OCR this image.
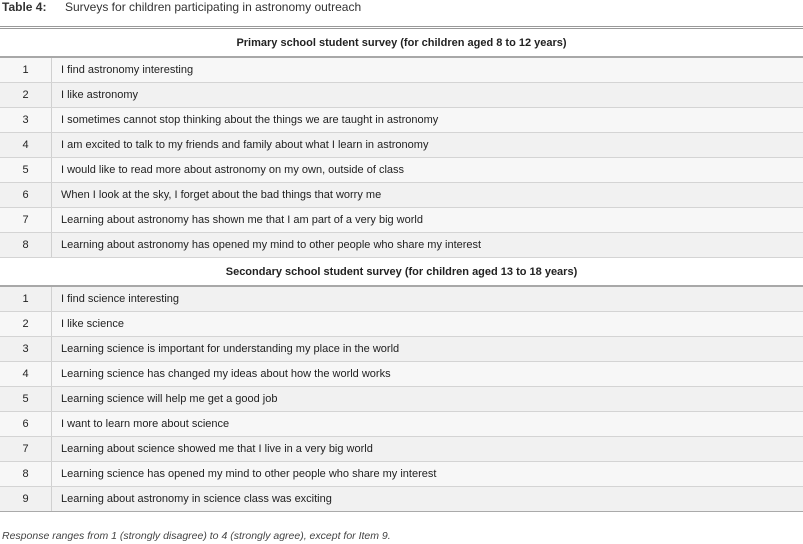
Table 4: Surveys for children participating in astronomy outreach
Primary school student survey (for children aged 8 to 12 years)	
1	I find astronomy interesting
2	I like astronomy
3	I sometimes cannot stop thinking about the things we are taught in astronomy
4	I am excited to talk to my friends and family about what I learn in astronomy
5	I would like to read more about astronomy on my own, outside of class
6	When I look at the sky, I forget about the bad things that worry me
7	Learning about astronomy has shown me that I am part of a very big world
8	Learning about astronomy has opened my mind to other people who share my interest
Secondary school student survey (for children aged 13 to 18 years)	
1	I find science interesting
2	I like science
3	Learning science is important for understanding my place in the world
4	Learning science has changed my ideas about how the world works
5	Learning science will help me get a good job
6	I want to learn more about science
7	Learning about science showed me that I live in a very big world
8	Learning science has opened my mind to other people who share my interest
9	Learning about astronomy in science class was exciting
Response ranges from 1 (strongly disagree) to 4 (strongly agree), except for Item 9.
